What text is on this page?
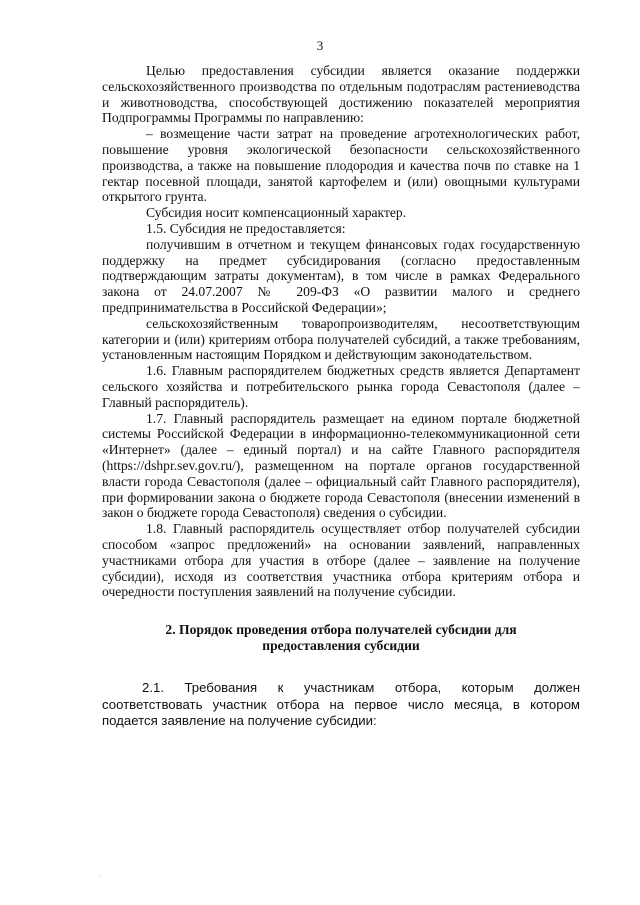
3

Целью предоставления субсидии является оказание поддержки сельскохозяйственного производства по отдельным подотраслям растениеводства и животноводства, способствующей достижению показателей мероприятия Подпрограммы Программы по направлению:

– возмещение части затрат на проведение агротехнологических работ, повышение уровня экологической безопасности сельскохозяйственного производства, а также на повышение плодородия и качества почв по ставке на 1 гектар посевной площади, занятой картофелем и (или) овощными культурами открытого грунта.

Субсидия носит компенсационный характер.

1.5. Субсидия не предоставляется:

получившим в отчетном и текущем финансовых годах государственную поддержку на предмет субсидирования (согласно предоставленным подтверждающим затраты документам), в том числе в рамках Федерального закона от 24.07.2007 № 209-ФЗ «О развитии малого и среднего предпринимательства в Российской Федерации»;

сельскохозяйственным товаропроизводителям, несоответствующим категории и (или) критериям отбора получателей субсидий, а также требованиям, установленным настоящим Порядком и действующим законодательством.

1.6. Главным распорядителем бюджетных средств является Департамент сельского хозяйства и потребительского рынка города Севастополя (далее – Главный распорядитель).

1.7. Главный распорядитель размещает на едином портале бюджетной системы Российской Федерации в информационно-телекоммуникационной сети «Интернет» (далее – единый портал) и на сайте Главного распорядителя (https://dshpr.sev.gov.ru/), размещенном на портале органов государственной власти города Севастополя (далее – официальный сайт Главного распорядителя), при формировании закона о бюджете города Севастополя (внесении изменений в закон о бюджете города Севастополя) сведения о субсидии.

1.8. Главный распорядитель осуществляет отбор получателей субсидии способом «запрос предложений» на основании заявлений, направленных участниками отбора для участия в отборе (далее – заявление на получение субсидии), исходя из соответствия участника отбора критериям отбора и очередности поступления заявлений на получение субсидии.

2. Порядок проведения отбора получателей субсидии для
предоставления субсидии

2.1. Требования к участникам отбора, которым должен соответствовать участник отбора на первое число месяца, в котором подается заявление на получение субсидии:
